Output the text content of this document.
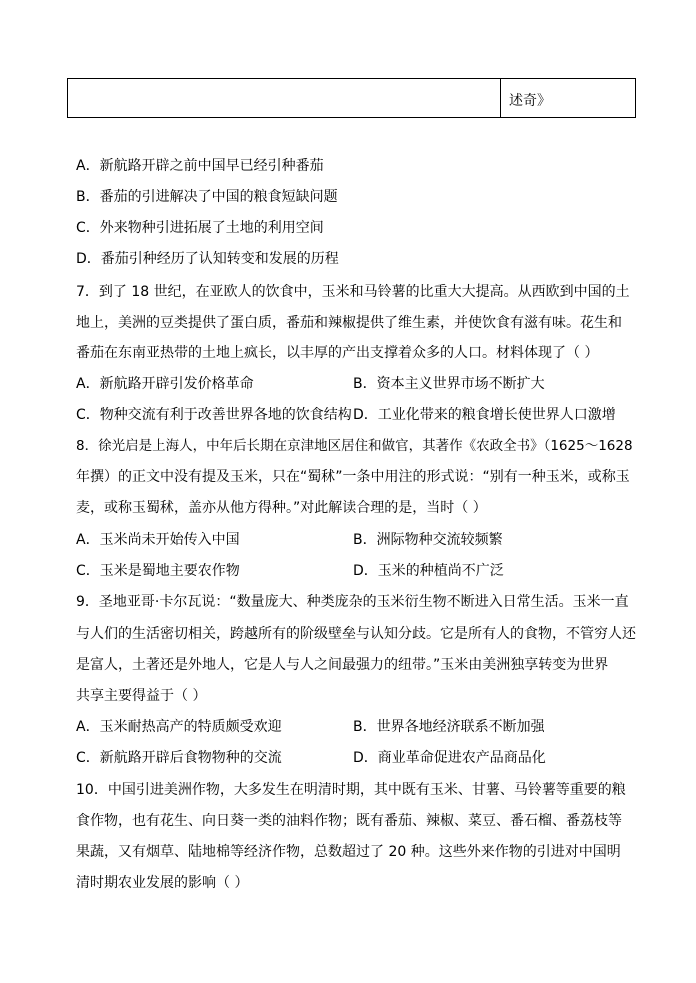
述奇》
A．新航路开辟之前中国早已经引种番茄
B．番茄的引进解决了中国的粮食短缺问题
C．外来物种引进拓展了土地的利用空间
D．番茄引种经历了认知转变和发展的历程
7．到了 18 世纪，在亚欧人的饮食中，玉米和马铃薯的比重大大提高。从西欧到中国的土
地上，美洲的豆类提供了蛋白质，番茄和辣椒提供了维生素，并使饮食有滋有味。花生和
番茄在东南亚热带的土地上疯长，以丰厚的产出支撑着众多的人口。材料体现了（ ）
A．新航路开辟引发价格革命	B．资本主义世界市场不断扩大
C．物种交流有利于改善世界各地的饮食结构 D．工业化带来的粮食增长使世界人口激增
8．徐光启是上海人，中年后长期在京津地区居住和做官，其著作《农政全书》（1625～1628
年撰）的正文中没有提及玉米，只在“蜀秫”一条中用注的形式说：“别有一种玉米，或称玉
麦，或称玉蜀秫，盖亦从他方得种。”对此解读合理的是，当时（ ）
A．玉米尚未开始传入中国	B．洲际物种交流较频繁
C．玉米是蜀地主要农作物	D．玉米的种植尚不广泛
9．圣地亚哥·卡尔瓦说：“数量庞大、种类庞杂的玉米衍生物不断进入日常生活。玉米一直
与人们的生活密切相关，跨越所有的阶级壁垒与认知分歧。它是所有人的食物，不管穷人还
是富人，土著还是外地人，它是人与人之间最强力的纽带。”玉米由美洲独享转变为世界
共享主要得益于（ ）
A．玉米耐热高产的特质颇受欢迎	B．世界各地经济联系不断加强
C．新航路开辟后食物物种的交流	D．商业革命促进农产品商品化
10．中国引进美洲作物，大多发生在明清时期，其中既有玉米、甘薯、马铃薯等重要的粮
食作物，也有花生、向日葵一类的油料作物；既有番茄、辣椒、菜豆、番石榴、番荔枝等
果蔬，又有烟草、陆地棉等经济作物，总数超过了 20 种。这些外来作物的引进对中国明
清时期农业发展的影响（ ）
